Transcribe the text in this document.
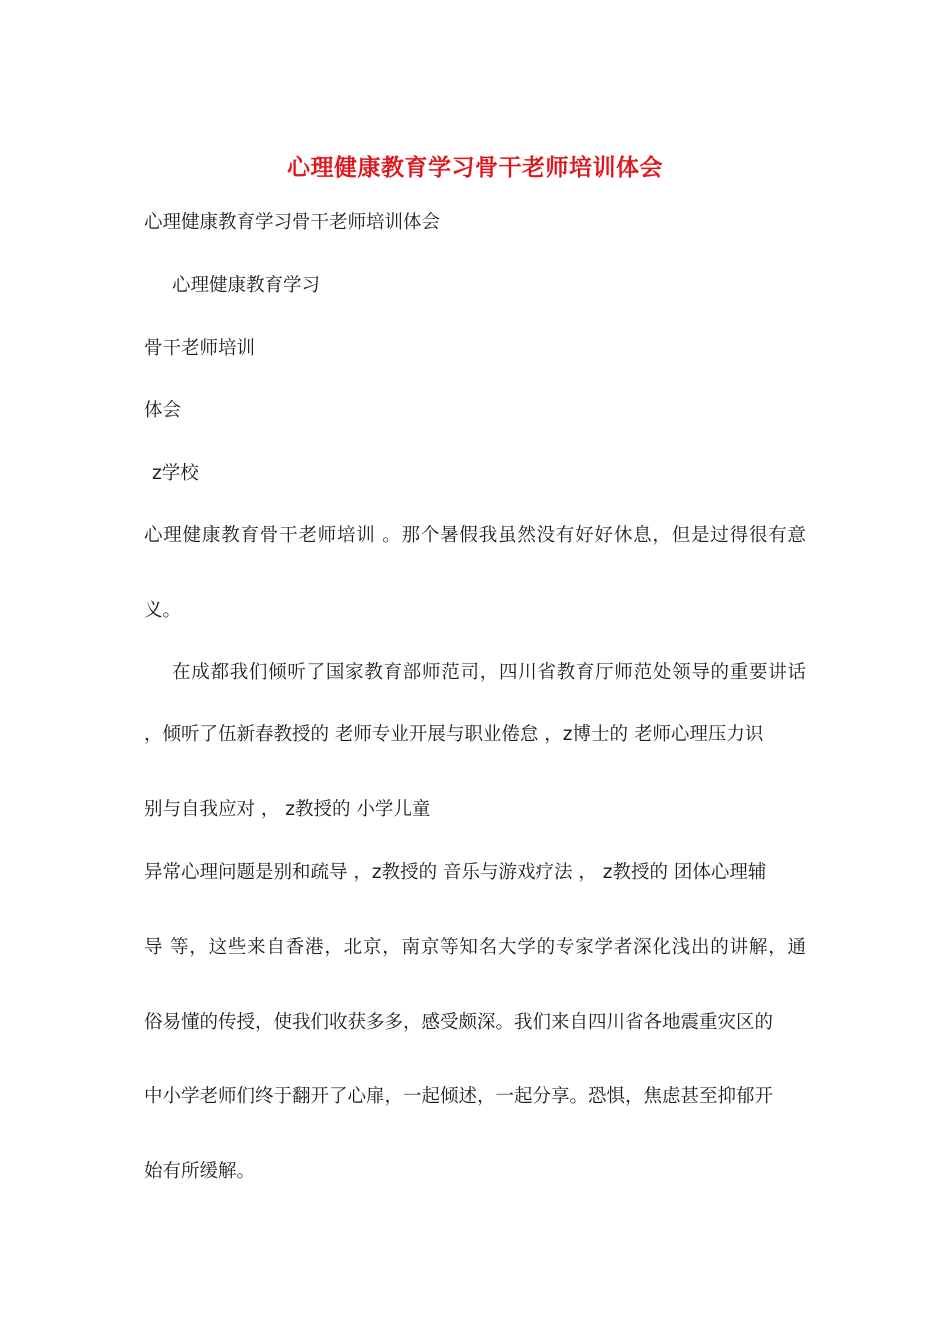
心理健康教育学习骨干老师培训体会
心理健康教育学习骨干老师培训体会
心理健康教育学习
骨干老师培训
体会
z学校
心理健康教育骨干老师培训 。那个暑假我虽然没有好好休息，但是过得很有意
义。
在成都我们倾听了国家教育部师范司，四川省教育厅师范处领导的重要讲话
，倾听了伍新春教授的 老师专业开展与职业倦怠 ，z博士的 老师心理压力识
别与自我应对 ， z教授的 小学儿童
异常心理问题是别和疏导 ，z教授的 音乐与游戏疗法 ， z教授的 团体心理辅
导 等，这些来自香港，北京，南京等知名大学的专家学者深化浅出的讲解，通
俗易懂的传授，使我们收获多多，感受颇深。我们来自四川省各地震重灾区的
中小学老师们终于翻开了心扉，一起倾述，一起分享。恐惧，焦虑甚至抑郁开
始有所缓解。
